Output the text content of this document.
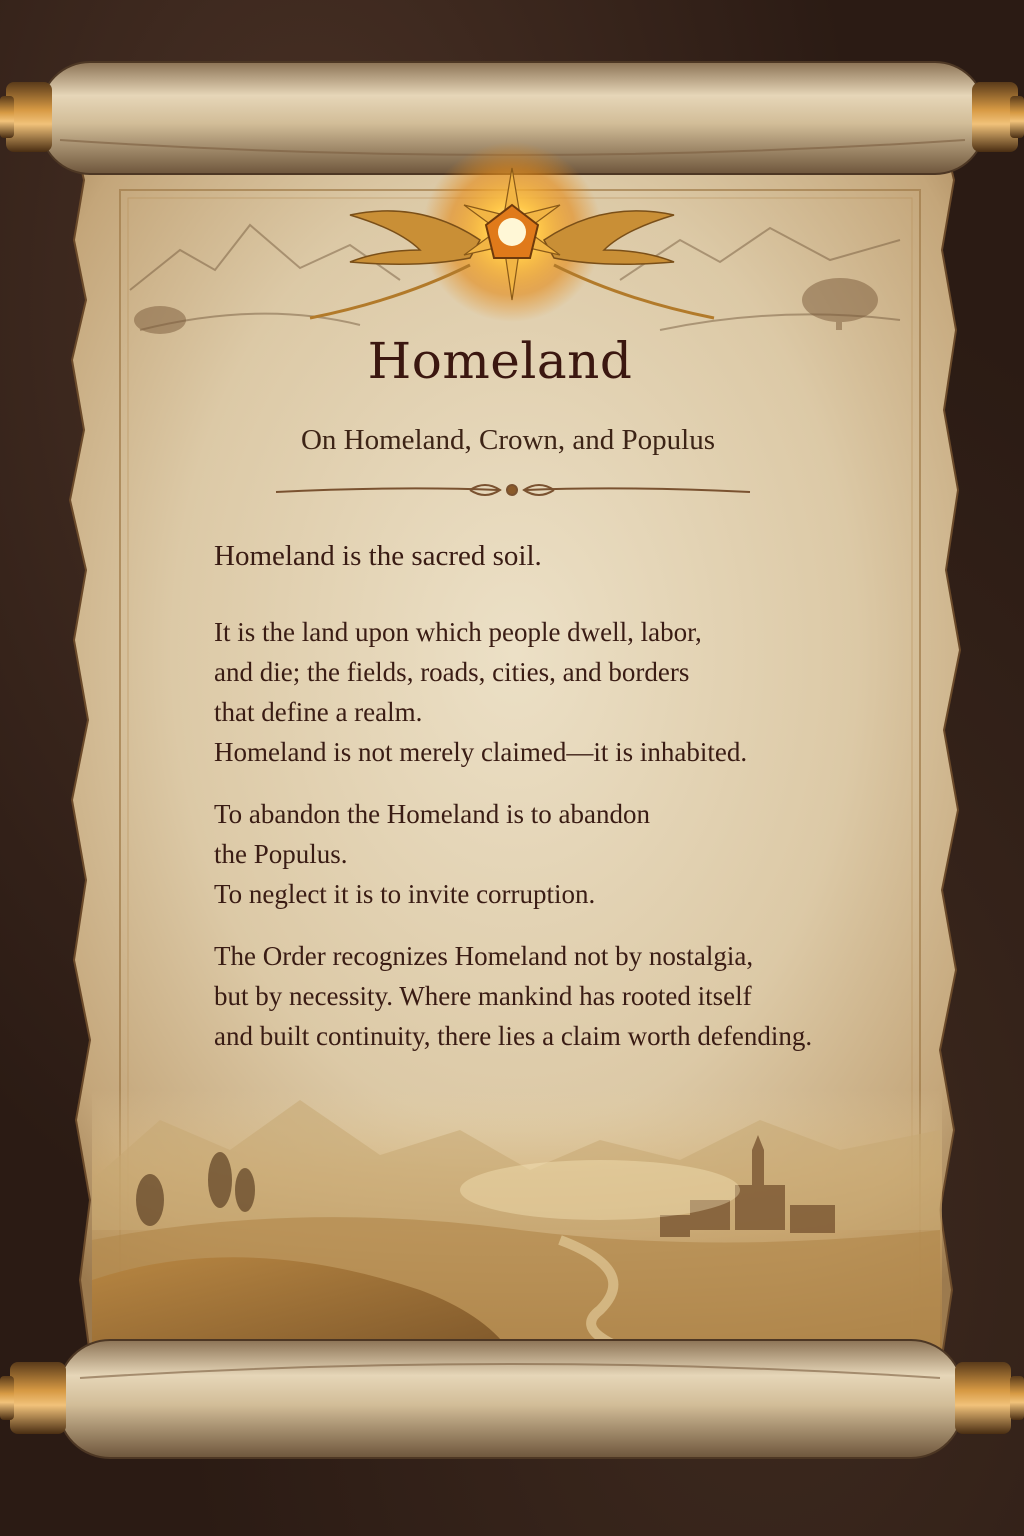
Homeland
On Homeland, Crown, and Populus

Homeland is the sacred soil.

It is the land upon which people dwell, labor,
and die; the fields, roads, cities, and borders
that define a realm.
Homeland is not merely claimed—it is inhabited.

To abandon the Homeland is to abandon
the Populus.
To neglect it is to invite corruption.

The Order recognizes Homeland not by nostalgia,
but by necessity. Where mankind has rooted itself
and built continuity, there lies a claim worth defending.
